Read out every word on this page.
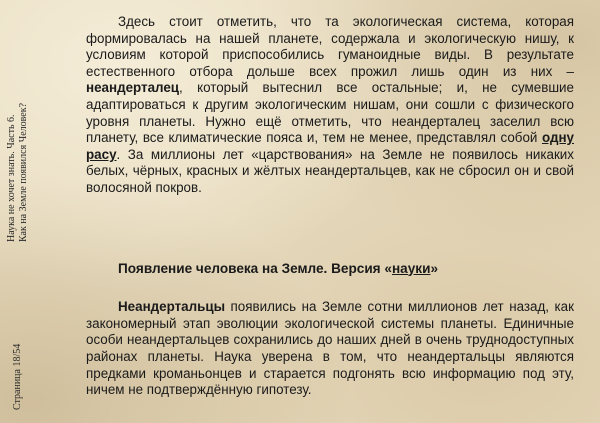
Страница 18/54
Наука не хочет знать. Часть 6. Как на Земле появился Человек?

Здесь стоит отметить, что та экологическая система, которая формировалась на нашей планете, содержала и экологическую нишу, к условиям которой приспособились гуманоидные виды. В результате естественного отбора дольше всех прожил лишь один из них – неандерталец, который вытеснил все остальные; и, не сумевшие адаптироваться к другим экологическим нишам, они сошли с физического уровня планеты. Нужно ещё отметить, что неандерталец заселил всю планету, все климатические пояса и, тем не менее, представлял собой одну расу. За миллионы лет «царствования» на Земле не появилось никаких белых, чёрных, красных и жёлтых неандертальцев, как не сбросил он и свой волосяной покров.

Появление человека на Земле. Версия «науки»

Неандертальцы появились на Земле сотни миллионов лет назад, как закономерный этап эволюции экологической системы планеты. Единичные особи неандертальцев сохранились до наших дней в очень труднодоступных районах планеты. Наука уверена в том, что неандертальцы являются предками кроманьонцев и старается подгонять всю информацию под эту, ничем не подтверждённую гипотезу.
